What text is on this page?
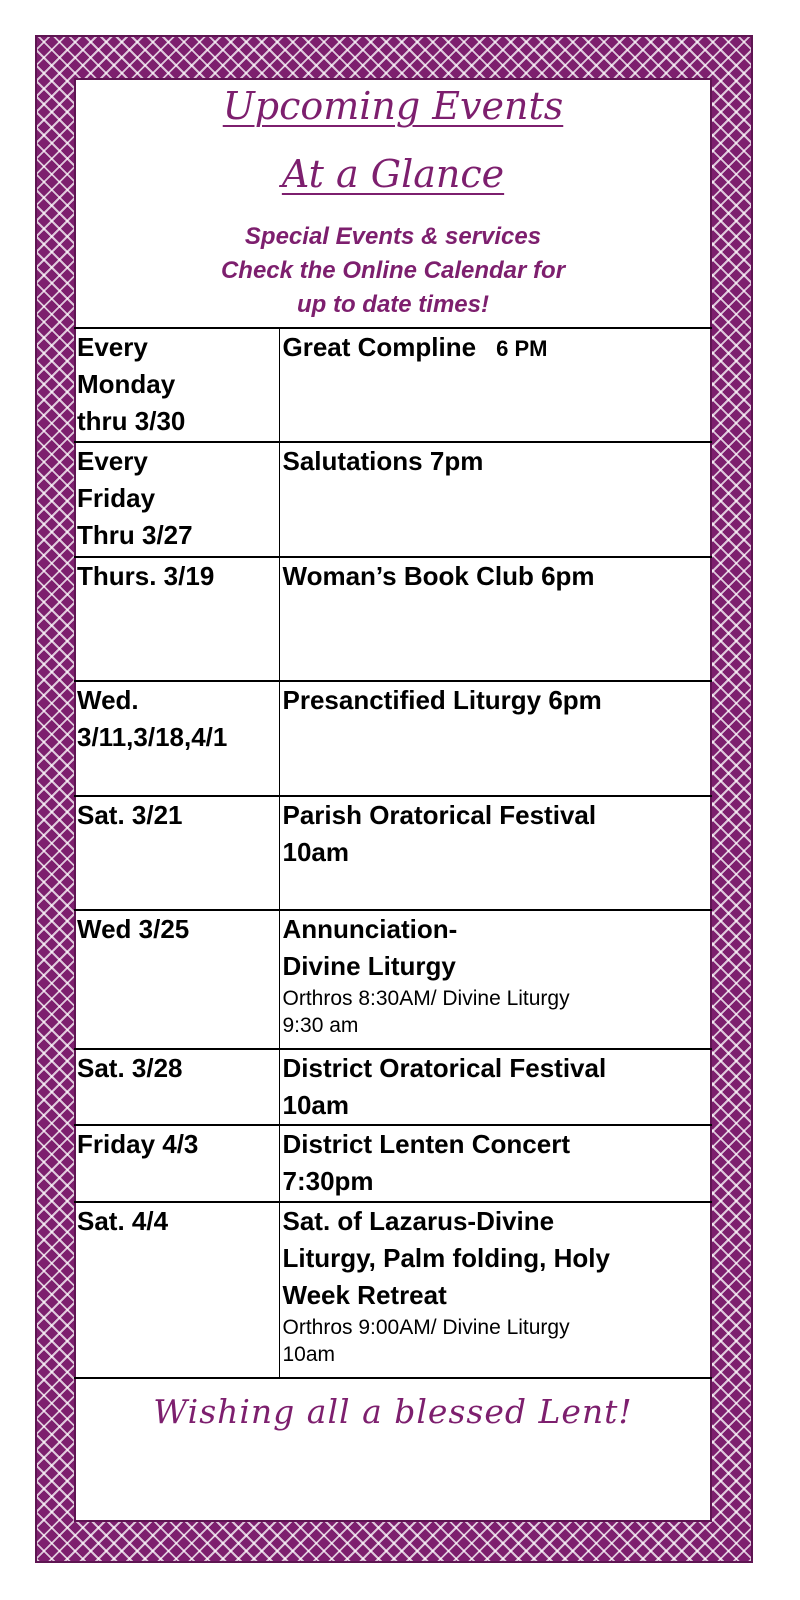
Upcoming Events
At a Glance
Special Events & services
Check the Online Calendar for
up to date times!
Every
Monday
thru 3/30	Great Compline 6 PM

Every
Friday
Thru 3/27	Salutations 7pm

Thurs. 3/19	Woman’s Book Club 6pm

Wed.
3/11,3/18,4/1	Presanctified Liturgy 6pm

Sat. 3/21	Parish Oratorical Festival
10am

Wed 3/25	Annunciation-
Divine Liturgy
Orthros 8:30AM/ Divine Liturgy
9:30 am

Sat. 3/28	District Oratorical Festival
10am

Friday 4/3	District Lenten Concert
7:30pm

Sat. 4/4	Sat. of Lazarus-Divine
Liturgy, Palm folding, Holy
Week Retreat
Orthros 9:00AM/ Divine Liturgy
10am
Wishing all a blessed Lent!
